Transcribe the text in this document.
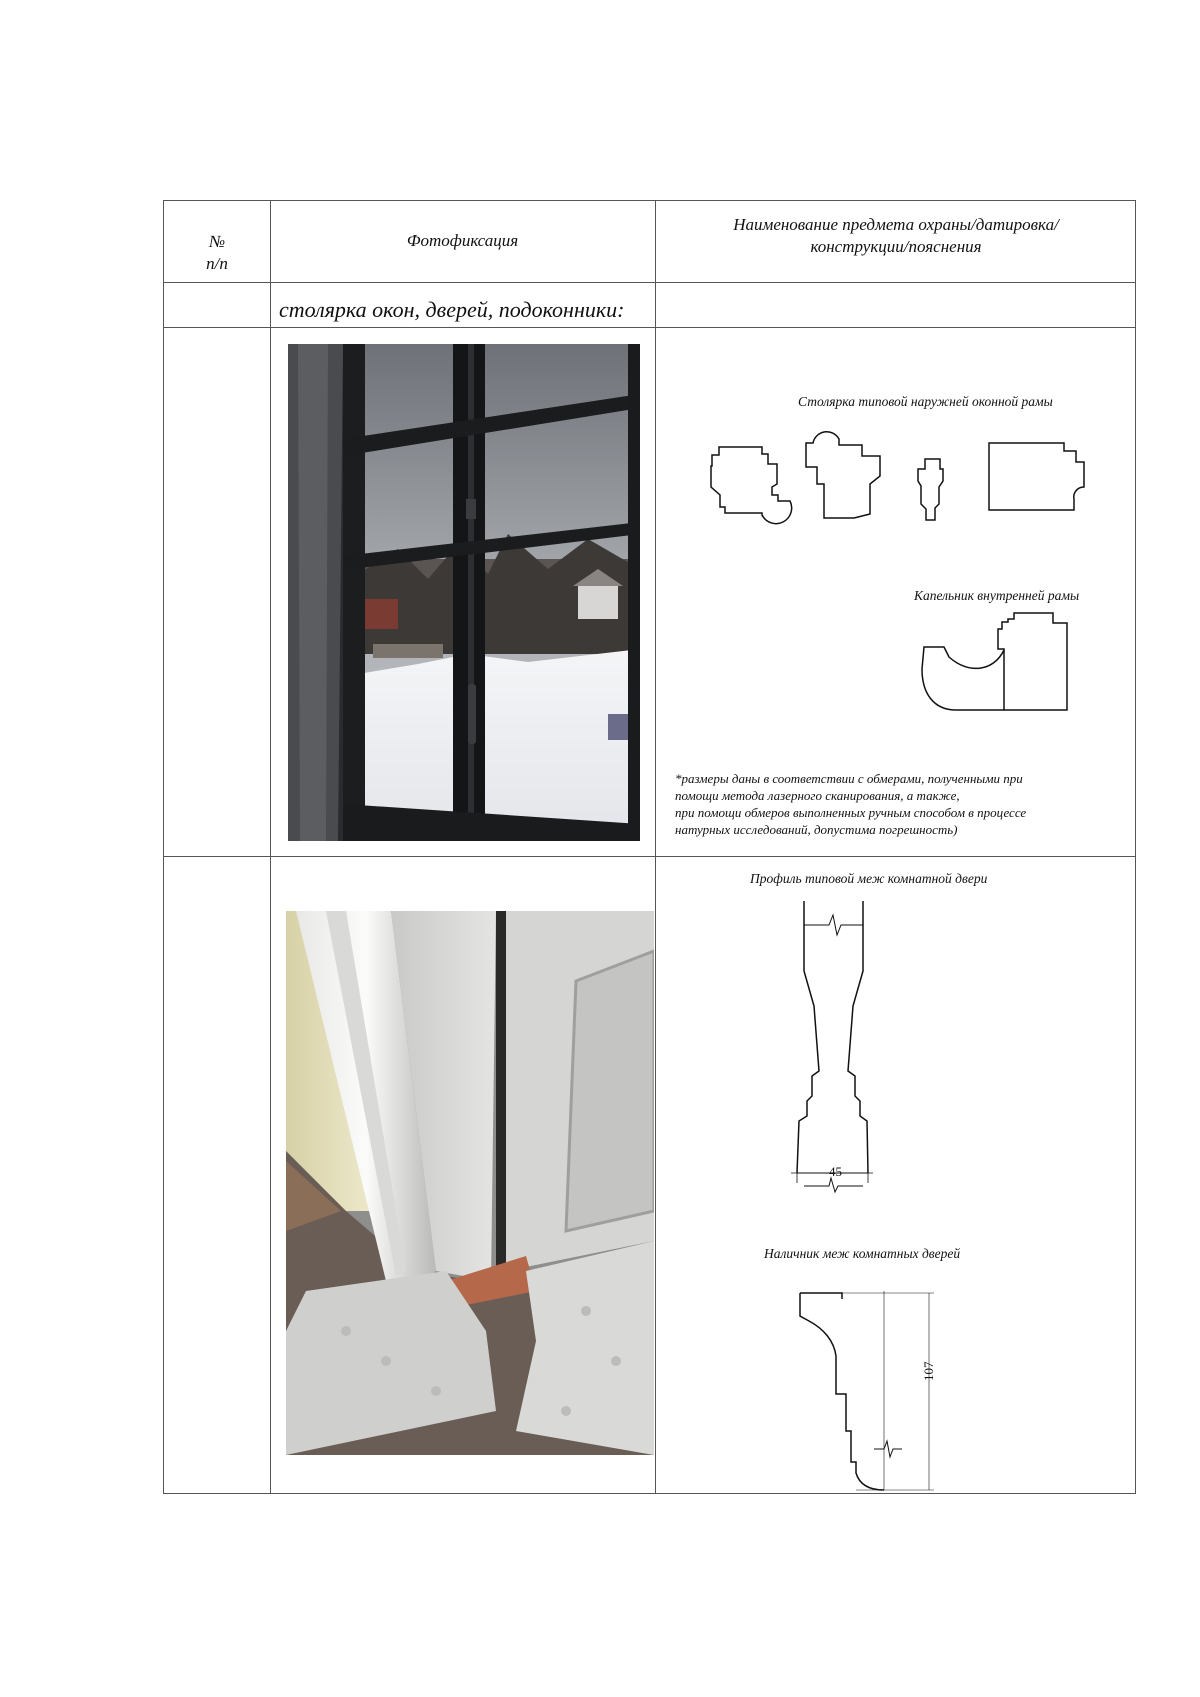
№
п/п
Фотофиксация
Наименование предмета охраны/датировка/
конструкции/пояснения
столярка окон, дверей, подоконники:
Столярка типовой наружней оконной рамы
Капельник внутренней рамы
*размеры даны в соответствии с обмерами, полученными при
помощи метода лазерного сканирования, а также,
при помощи обмеров выполненных ручным способом в процессе
натурных исследований, допустима погрешность)
Профиль типовой меж комнатной двери
45
Наличник меж комнатных дверей
107
